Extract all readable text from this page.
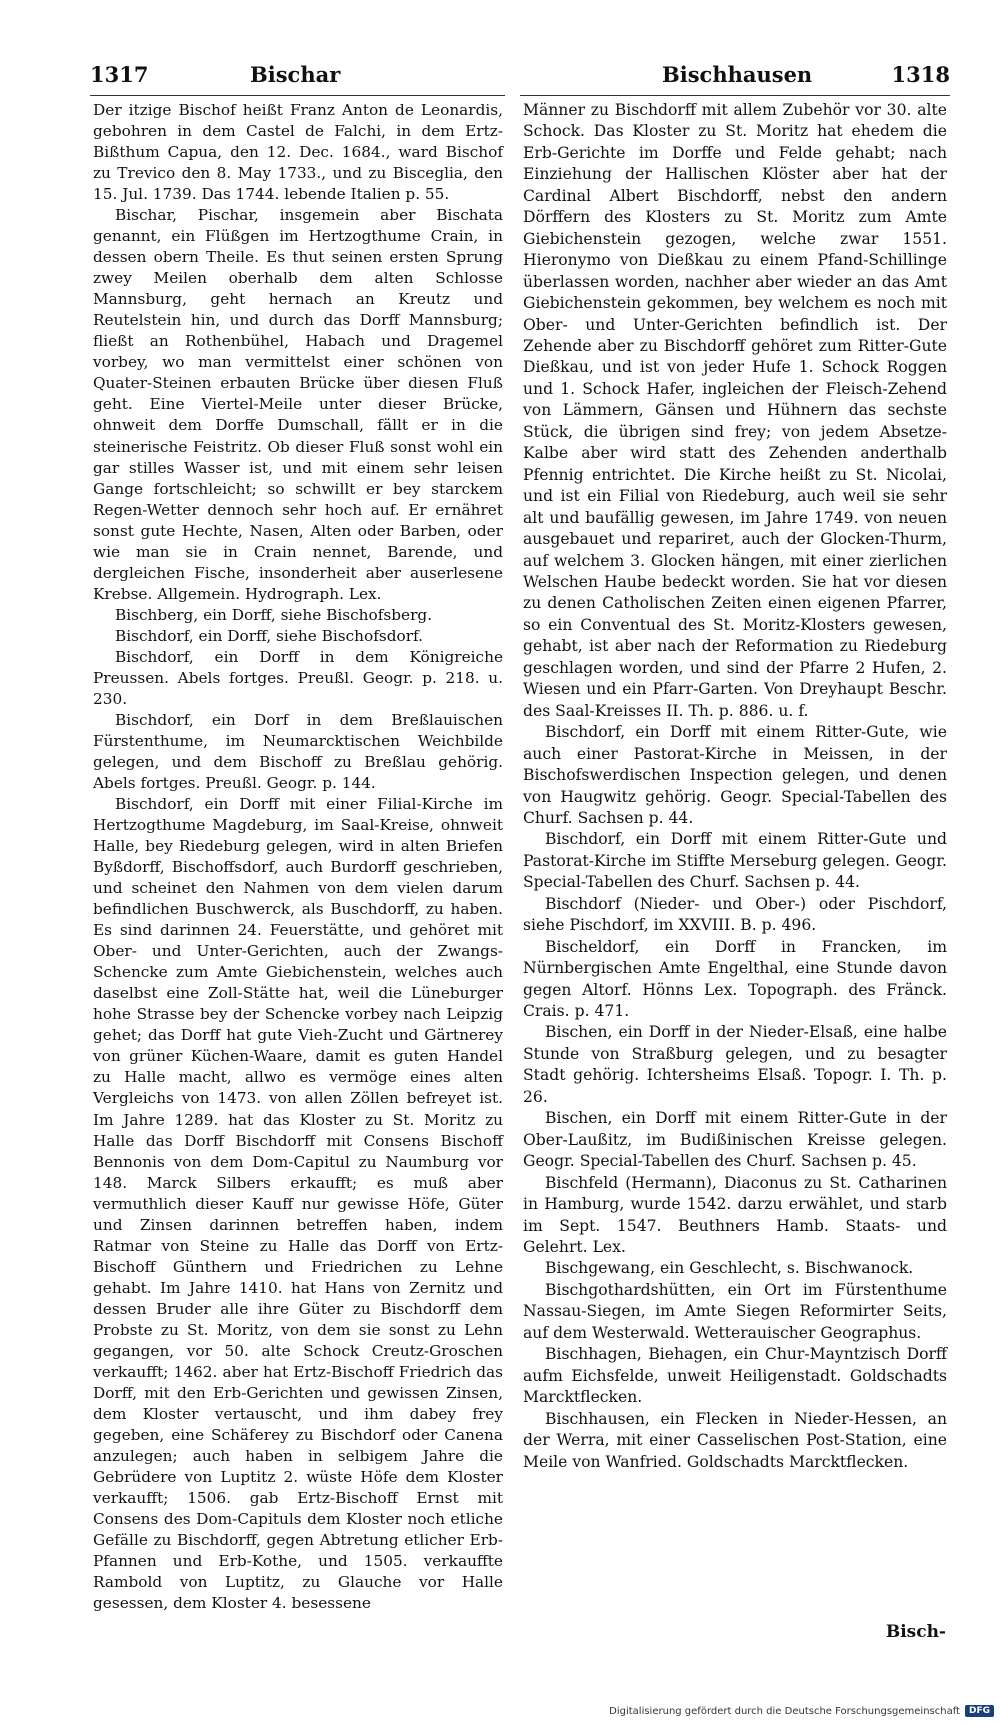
1317	Bischar	Bischhausen	1318

Der itzige Bischof heißt Franz Anton de Leonardis, gebohren in dem Castel de Falchi, in dem Ertz-Bißthum Capua, den 12. Dec. 1684., ward Bischof zu Trevico den 8. May 1733., und zu Bisceglia, den 15. Jul. 1739. Das 1744. lebende Italien p. 55.

Bischar, Pischar, insgemein aber Bischata genannt, ein Flüßgen im Hertzogthume Crain, in dessen obern Theile. Es thut seinen ersten Sprung zwey Meilen oberhalb dem alten Schlosse Mannsburg, geht hernach an Kreutz und Reutelstein hin, und durch das Dorff Mannsburg; fließt an Rothenbühel, Habach und Dragemel vorbey, wo man vermittelst einer schönen von Quater-Steinen erbauten Brücke über diesen Fluß geht. Eine Viertel-Meile unter dieser Brücke, ohnweit dem Dorffe Dumschall, fällt er in die steinerische Feistritz. Ob dieser Fluß sonst wohl ein gar stilles Wasser ist, und mit einem sehr leisen Gange fortschleicht; so schwillt er bey starckem Regen-Wetter dennoch sehr hoch auf. Er ernähret sonst gute Hechte, Nasen, Alten oder Barben, oder wie man sie in Crain nennet, Barende, und dergleichen Fische, insonderheit aber auserlesene Krebse. Allgemein. Hydrograph. Lex.

Bischberg, ein Dorff, siehe Bischofsberg.

Bischdorf, ein Dorff, siehe Bischofsdorf.

Bischdorf, ein Dorff in dem Königreiche Preussen. Abels fortges. Preußl. Geogr. p. 218. u. 230.

Bischdorf, ein Dorf in dem Breßlauischen Fürstenthume, im Neumarcktischen Weichbilde gelegen, und dem Bischoff zu Breßlau gehörig. Abels fortges. Preußl. Geogr. p. 144.

Bischdorf, ein Dorff mit einer Filial-Kirche im Hertzogthume Magdeburg, im Saal-Kreise, ohnweit Halle, bey Riedeburg gelegen, wird in alten Briefen Byßdorff, Bischoffsdorf, auch Burdorff geschrieben, und scheinet den Nahmen von dem vielen darum befindlichen Buschwerck, als Buschdorff, zu haben. Es sind darinnen 24. Feuerstätte, und gehöret mit Ober- und Unter-Gerichten, auch der Zwangs-Schencke zum Amte Giebichenstein, welches auch daselbst eine Zoll-Stätte hat, weil die Lüneburger hohe Strasse bey der Schencke vorbey nach Leipzig gehet; das Dorff hat gute Vieh-Zucht und Gärtnerey von grüner Küchen-Waare, damit es guten Handel zu Halle macht, allwo es vermöge eines alten Vergleichs von 1473. von allen Zöllen befreyet ist. Im Jahre 1289. hat das Kloster zu St. Moritz zu Halle das Dorff Bischdorff mit Consens Bischoff Bennonis von dem Dom-Capitul zu Naumburg vor 148. Marck Silbers erkaufft; es muß aber vermuthlich dieser Kauff nur gewisse Höfe, Güter und Zinsen darinnen betreffen haben, indem Ratmar von Steine zu Halle das Dorff von Ertz-Bischoff Günthern und Friedrichen zu Lehne gehabt. Im Jahre 1410. hat Hans von Zernitz und dessen Bruder alle ihre Güter zu Bischdorff dem Probste zu St. Moritz, von dem sie sonst zu Lehn gegangen, vor 50. alte Schock Creutz-Groschen verkaufft; 1462. aber hat Ertz-Bischoff Friedrich das Dorff, mit den Erb-Gerichten und gewissen Zinsen, dem Kloster vertauscht, und ihm dabey frey gegeben, eine Schäferey zu Bischdorf oder Canena anzulegen; auch haben in selbigem Jahre die Gebrüdere von Luptitz 2. wüste Höfe dem Kloster verkaufft; 1506. gab Ertz-Bischoff Ernst mit Consens des Dom-Capituls dem Kloster noch etliche Gefälle zu Bischdorff, gegen Abtretung etlicher Erb-Pfannen und Erb-Kothe, und 1505. verkauffte Rambold von Luptitz, zu Glauche vor Halle gesessen, dem Kloster 4. besessene

Männer zu Bischdorff mit allem Zubehör vor 30. alte Schock. Das Kloster zu St. Moritz hat ehedem die Erb-Gerichte im Dorffe und Felde gehabt; nach Einziehung der Hallischen Klöster aber hat der Cardinal Albert Bischdorff, nebst den andern Dörffern des Klosters zu St. Moritz zum Amte Giebichenstein gezogen, welche zwar 1551. Hieronymo von Dießkau zu einem Pfand-Schillinge überlassen worden, nachher aber wieder an das Amt Giebichenstein gekommen, bey welchem es noch mit Ober- und Unter-Gerichten befindlich ist. Der Zehende aber zu Bischdorff gehöret zum Ritter-Gute Dießkau, und ist von jeder Hufe 1. Schock Roggen und 1. Schock Hafer, ingleichen der Fleisch-Zehend von Lämmern, Gänsen und Hühnern das sechste Stück, die übrigen sind frey; von jedem Absetze-Kalbe aber wird statt des Zehenden anderthalb Pfennig entrichtet. Die Kirche heißt zu St. Nicolai, und ist ein Filial von Riedeburg, auch weil sie sehr alt und baufällig gewesen, im Jahre 1749. von neuen ausgebauet und repariret, auch der Glocken-Thurm, auf welchem 3. Glocken hängen, mit einer zierlichen Welschen Haube bedeckt worden. Sie hat vor diesen zu denen Catholischen Zeiten einen eigenen Pfarrer, so ein Conventual des St. Moritz-Klosters gewesen, gehabt, ist aber nach der Reformation zu Riedeburg geschlagen worden, und sind der Pfarre 2 Hufen, 2. Wiesen und ein Pfarr-Garten. Von Dreyhaupt Beschr. des Saal-Kreisses II. Th. p. 886. u. f.

Bischdorf, ein Dorff mit einem Ritter-Gute, wie auch einer Pastorat-Kirche in Meissen, in der Bischofswerdischen Inspection gelegen, und denen von Haugwitz gehörig. Geogr. Special-Tabellen des Churf. Sachsen p. 44.

Bischdorf, ein Dorff mit einem Ritter-Gute und Pastorat-Kirche im Stiffte Merseburg gelegen. Geogr. Special-Tabellen des Churf. Sachsen p. 44.

Bischdorf (Nieder- und Ober-) oder Pischdorf, siehe Pischdorf, im XXVIII. B. p. 496.

Bischeldorf, ein Dorff in Francken, im Nürnbergischen Amte Engelthal, eine Stunde davon gegen Altorf. Hönns Lex. Topograph. des Fränck. Crais. p. 471.

Bischen, ein Dorff in der Nieder-Elsaß, eine halbe Stunde von Straßburg gelegen, und zu besagter Stadt gehörig. Ichtersheims Elsaß. Topogr. I. Th. p. 26.

Bischen, ein Dorff mit einem Ritter-Gute in der Ober-Laußitz, im Budißinischen Kreisse gelegen. Geogr. Special-Tabellen des Churf. Sachsen p. 45.

Bischfeld (Hermann), Diaconus zu St. Catharinen in Hamburg, wurde 1542. darzu erwählet, und starb im Sept. 1547. Beuthners Hamb. Staats- und Gelehrt. Lex.

Bischgewang, ein Geschlecht, s. Bischwanock.

Bischgothardshütten, ein Ort im Fürstenthume Nassau-Siegen, im Amte Siegen Reformirter Seits, auf dem Westerwald. Wetterauischer Geographus.

Bischhagen, Biehagen, ein Chur-Mayntzisch Dorff aufm Eichsfelde, unweit Heiligenstadt. Goldschadts Marcktflecken.

Bischhausen, ein Flecken in Nieder-Hessen, an der Werra, mit einer Casselischen Post-Station, eine Meile von Wanfried. Goldschadts Marcktflecken.

Bisch-
Digitalisierung gefördert durch die Deutsche Forschungsgemeinschaft	DFG
